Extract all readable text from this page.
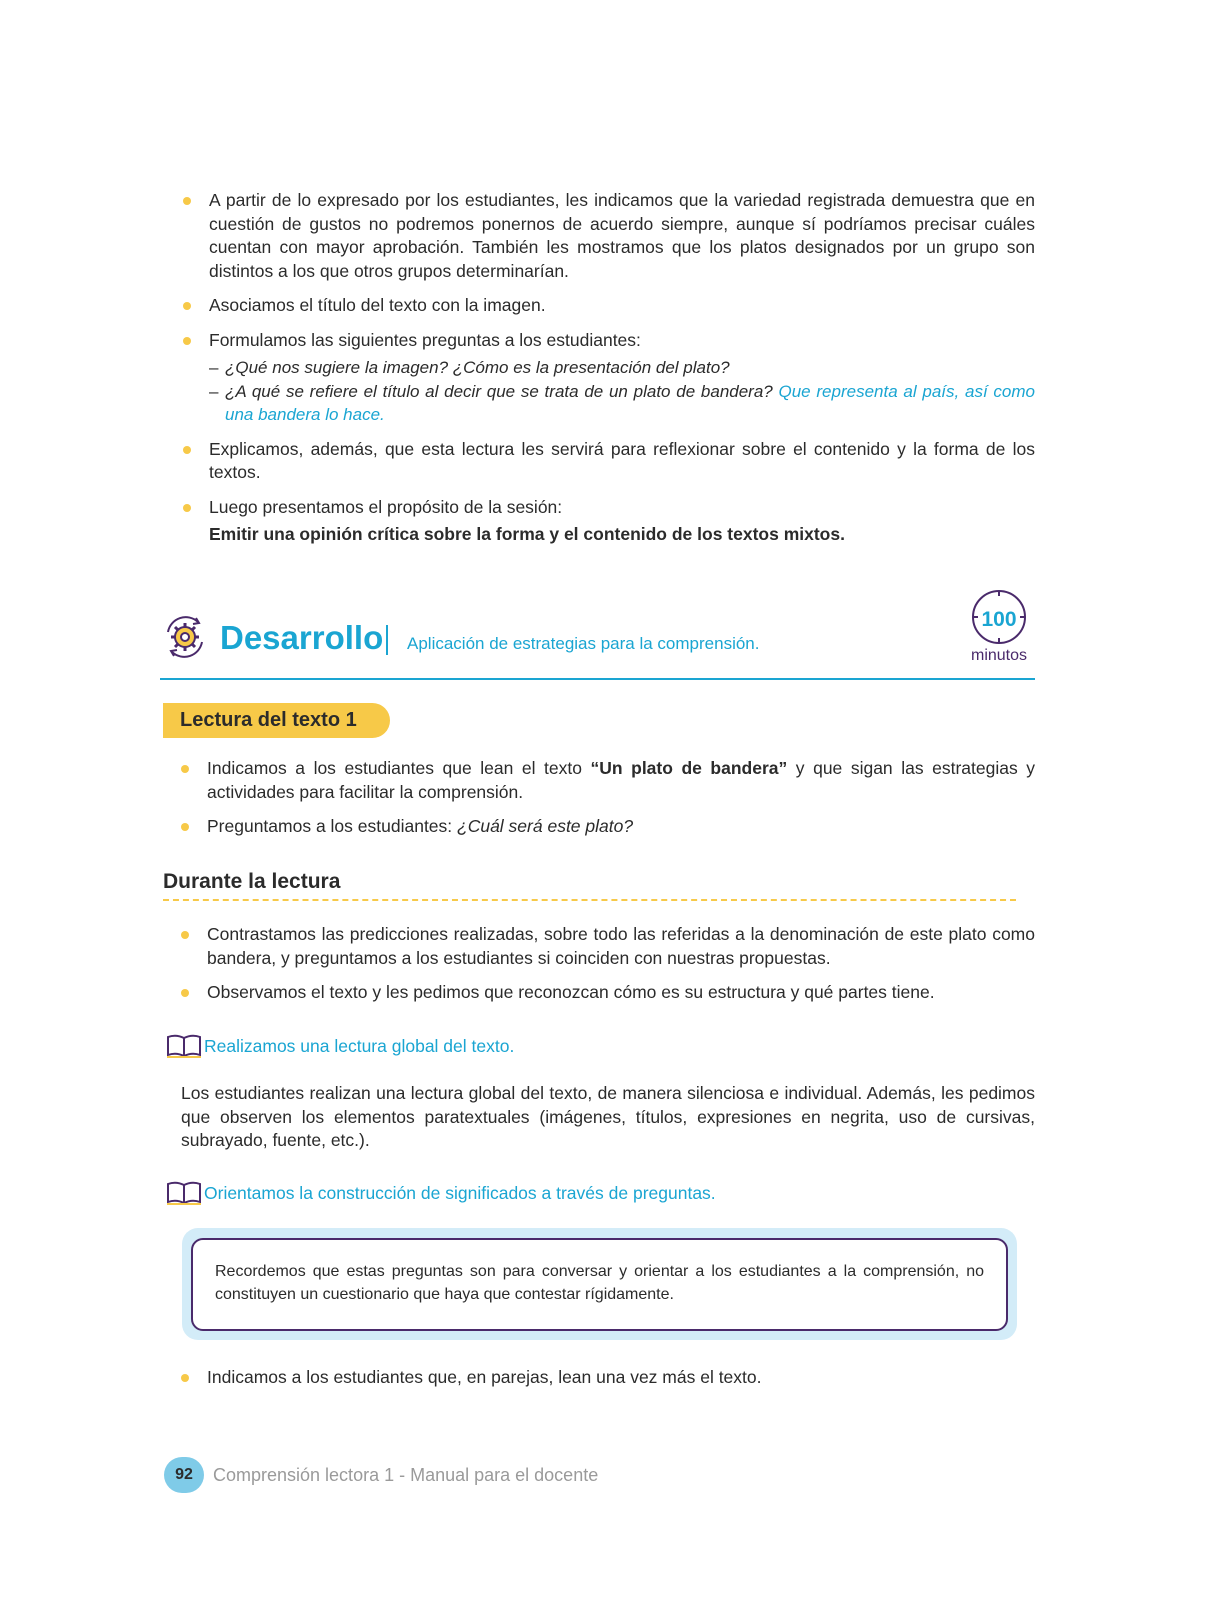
A partir de lo expresado por los estudiantes, les indicamos que la variedad registrada demuestra que en cuestión de gustos no podremos ponernos de acuerdo siempre, aunque sí podríamos precisar cuáles cuentan con mayor aprobación. También les mostramos que los platos designados por un grupo son distintos a los que otros grupos determinarían.
Asociamos el título del texto con la imagen.
Formulamos las siguientes preguntas a los estudiantes:
– ¿Qué nos sugiere la imagen? ¿Cómo es la presentación del plato?
– ¿A qué se refiere el título al decir que se trata de un plato de bandera? Que representa al país, así como una bandera lo hace.
Explicamos, además, que esta lectura les servirá para reflexionar sobre el contenido y la forma de los textos.
Luego presentamos el propósito de la sesión:
Emitir una opinión crítica sobre la forma y el contenido de los textos mixtos.
Desarrollo Aplicación de estrategias para la comprensión.
100
minutos
Lectura del texto 1
Indicamos a los estudiantes que lean el texto “Un plato de bandera” y que sigan las estrategias y actividades para facilitar la comprensión.
Preguntamos a los estudiantes: ¿Cuál será este plato?
Durante la lectura
Contrastamos las predicciones realizadas, sobre todo las referidas a la denominación de este plato como bandera, y preguntamos a los estudiantes si coinciden con nuestras propuestas.
Observamos el texto y les pedimos que reconozcan cómo es su estructura y qué partes tiene.
Realizamos una lectura global del texto.

Los estudiantes realizan una lectura global del texto, de manera silenciosa e individual. Además, les pedimos que observen los elementos paratextuales (imágenes, títulos, expresiones en negrita, uso de cursivas, subrayado, fuente, etc.).

Orientamos la construcción de significados a través de preguntas.
Recordemos que estas preguntas son para conversar y orientar a los estudiantes a la comprensión, no constituyen un cuestionario que haya que contestar rígidamente.
Indicamos a los estudiantes que, en parejas, lean una vez más el texto.
92	Comprensión lectora 1 - Manual para el docente
